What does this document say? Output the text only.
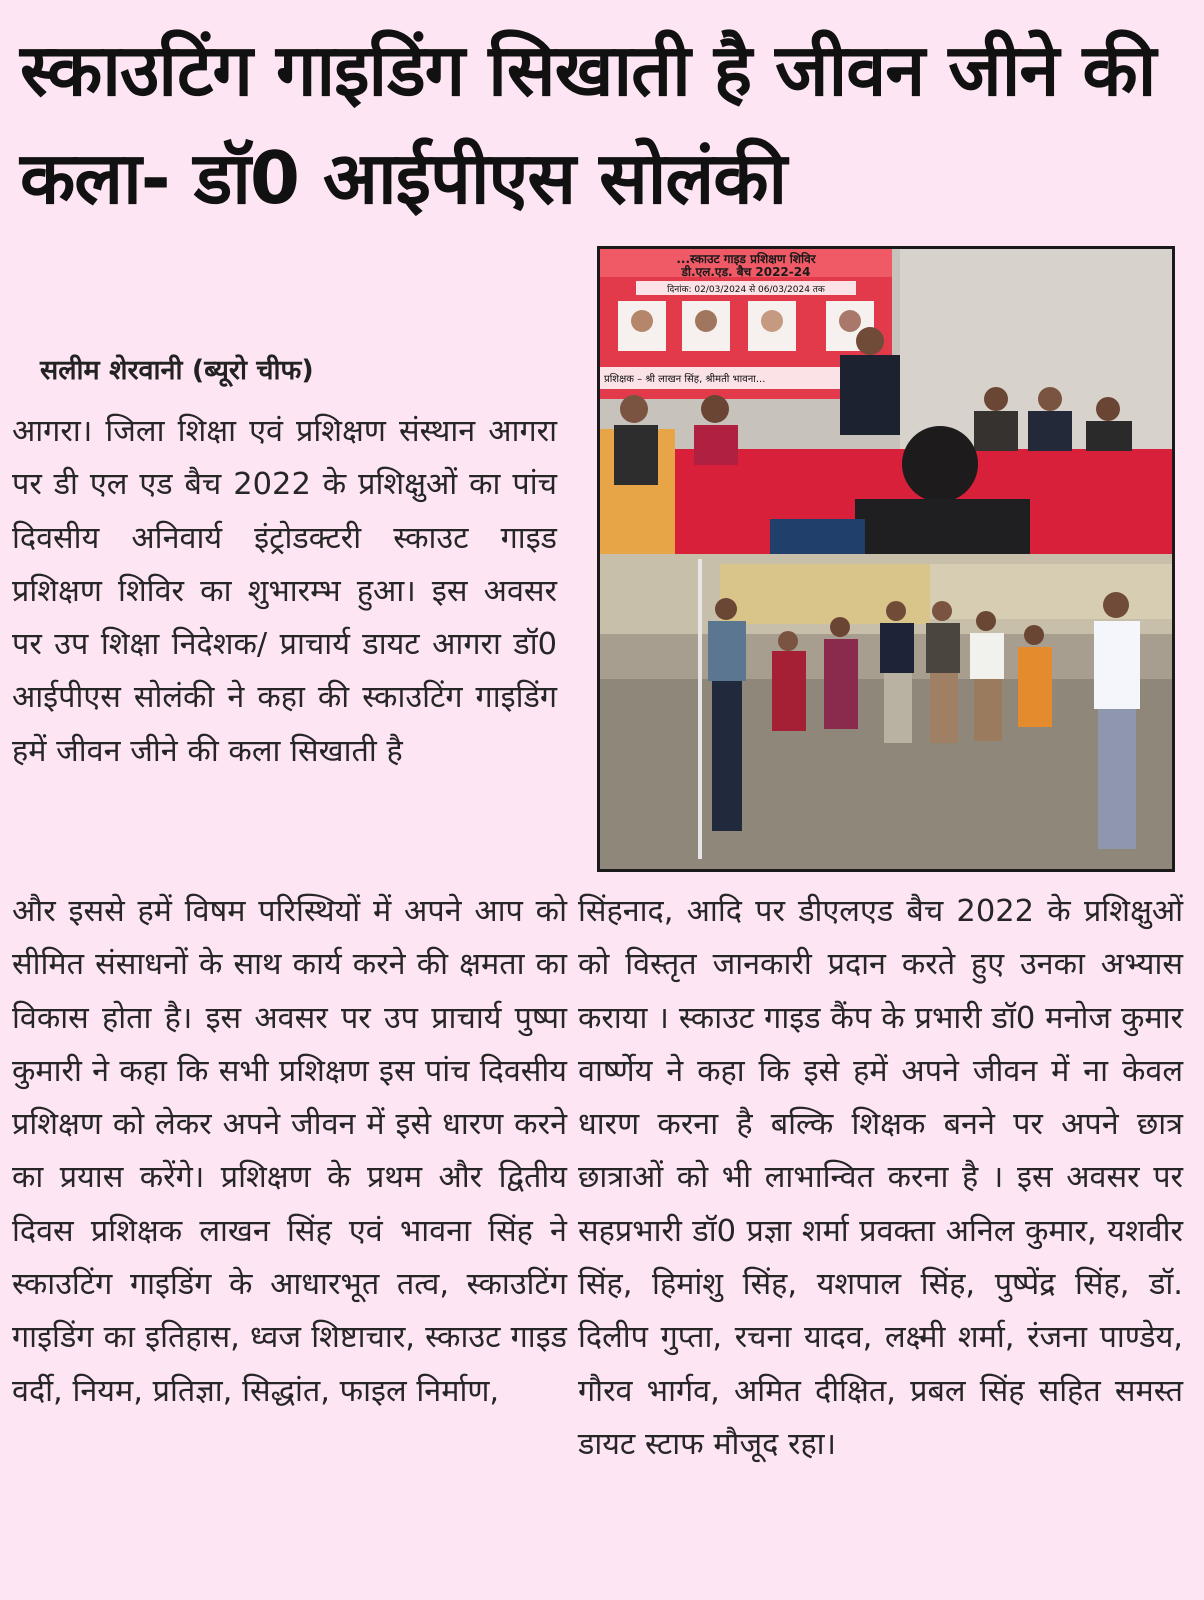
स्काउटिंग गाइडिंग सिखाती है जीवन जीने की कला- डॉ0 आईपीएस सोलंकी
सलीम शेरवानी (ब्यूरो चीफ)
आगरा। जिला शिक्षा एवं प्रशिक्षण संस्थान आगरा पर डी एल एड बैच 2022 के प्रशिक्षुओं का पांच दिवसीय अनिवार्य इंट्रोडक्टरी स्काउट गाइड प्रशिक्षण शिविर का शुभारम्भ हुआ। इस अवसर पर उप शिक्षा निदेशक/ प्राचार्य डायट आगरा डॉ0 आईपीएस सोलंकी ने कहा की स्काउटिंग गाइडिंग हमें जीवन जीने की कला सिखाती है
...स्काउट गाइड प्रशिक्षण शिविर
डी.एल.एड. बैच 2022-24
दिनांक: 02/03/2024 से 06/03/2024 तक
प्रशिक्षक – श्री लाखन सिंह, श्रीमती भावना...
और इससे हमें विषम परिस्थियों में अपने आप को सीमित संसाधनों के साथ कार्य करने की क्षमता का विकास होता है। इस अवसर पर उप प्राचार्य पुष्पा कुमारी ने कहा कि सभी प्रशिक्षण इस पांच दिवसीय प्रशिक्षण को लेकर अपने जीवन में इसे धारण करने का प्रयास करेंगे। प्रशिक्षण के प्रथम और द्वितीय दिवस प्रशिक्षक लाखन सिंह एवं भावना सिंह ने स्काउटिंग गाइडिंग के आधारभूत तत्व, स्काउटिंग गाइडिंग का इतिहास, ध्वज शिष्टाचार, स्काउट गाइड वर्दी, नियम, प्रतिज्ञा, सिद्धांत, फाइल निर्माण,
सिंहनाद, आदि पर डीएलएड बैच 2022 के प्रशिक्षुओं को विस्तृत जानकारी प्रदान करते हुए उनका अभ्यास कराया । स्काउट गाइड कैंप के प्रभारी डॉ0 मनोज कुमार वार्ष्णेय ने कहा कि इसे हमें अपने जीवन में ना केवल धारण करना है बल्कि शिक्षक बनने पर अपने छात्र छात्राओं को भी लाभान्वित करना है । इस अवसर पर सहप्रभारी डॉ0 प्रज्ञा शर्मा प्रवक्ता अनिल कुमार, यशवीर सिंह, हिमांशु सिंह, यशपाल सिंह, पुष्पेंद्र सिंह, डॉ. दिलीप गुप्ता, रचना यादव, लक्ष्मी शर्मा, रंजना पाण्डेय, गौरव भार्गव, अमित दीक्षित, प्रबल सिंह सहित समस्त डायट स्टाफ मौजूद रहा।
